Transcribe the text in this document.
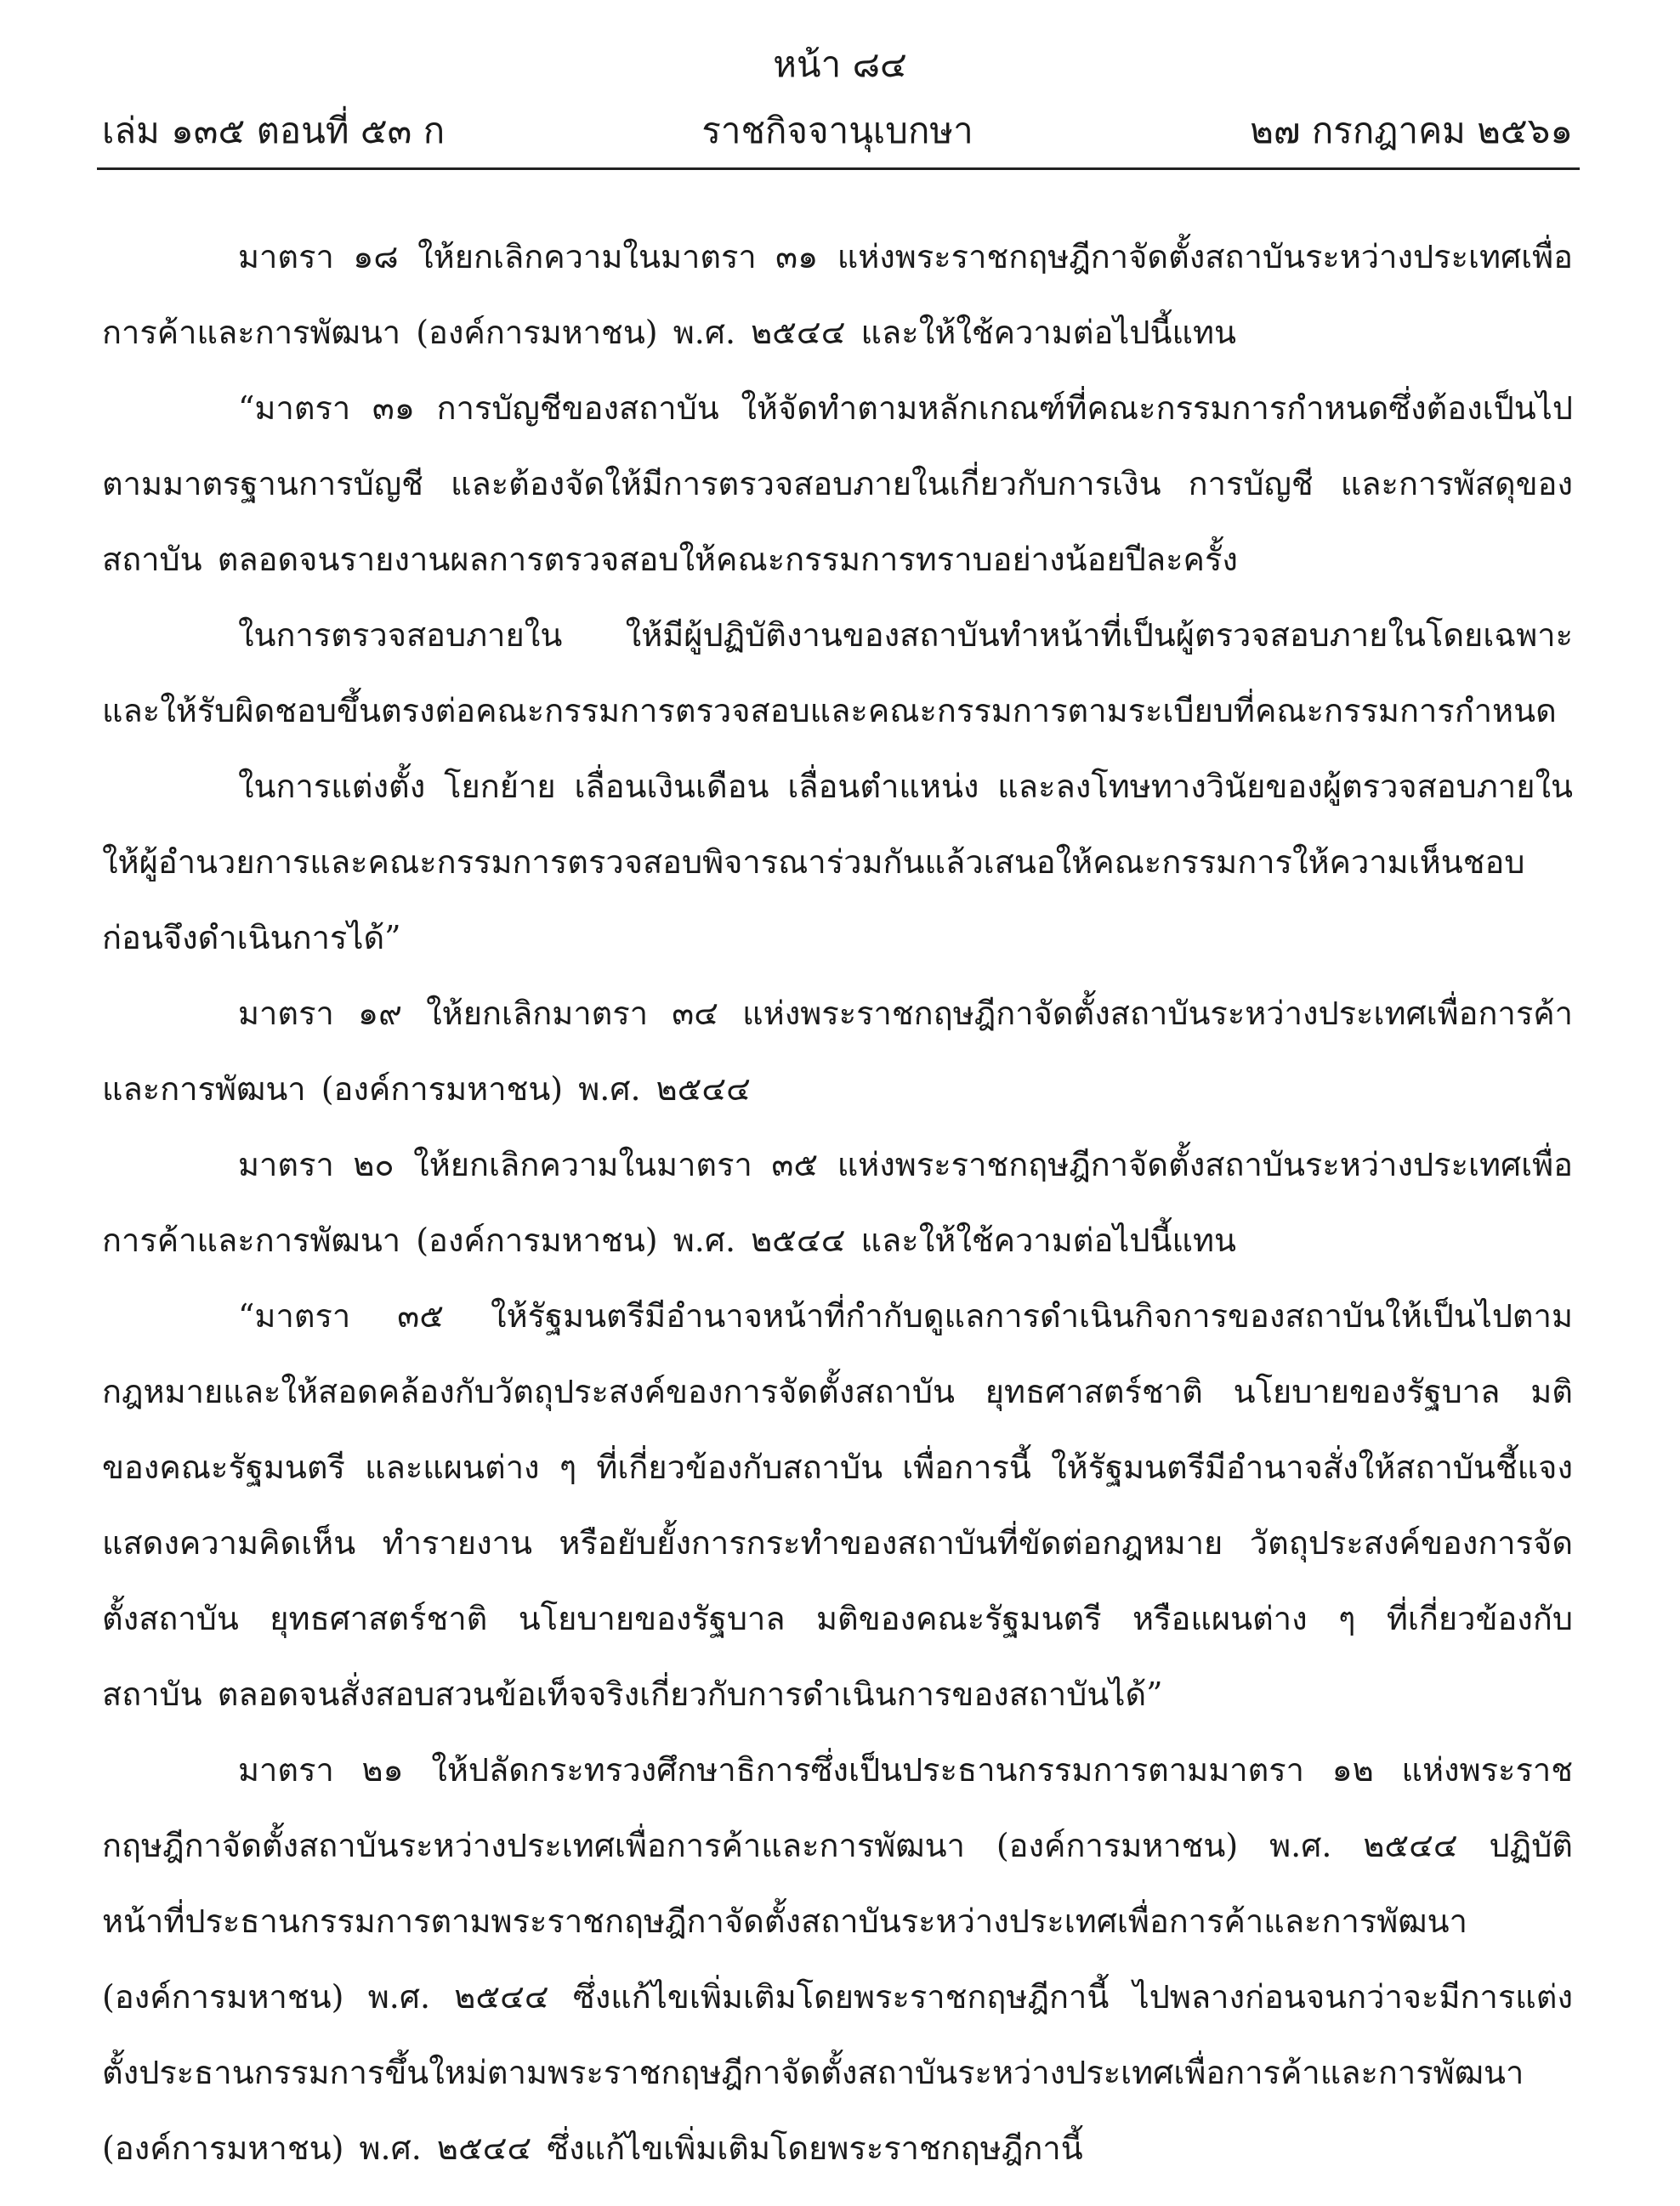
หน้า ๘๔
ราชกิจจานุเบกษา
เล่ม ๑๓๕ ตอนที่ ๕๓ ก	๒๗ กรกฎาคม ๒๕๖๑

มาตรา ๑๘ ให้ยกเลิกความในมาตรา ๓๑ แห่งพระราชกฤษฎีกาจัดตั้งสถาบันระหว่างประเทศเพื่อการค้าและการพัฒนา (องค์การมหาชน) พ.ศ. ๒๕๔๔ และให้ใช้ความต่อไปนี้แทน

“มาตรา ๓๑ การบัญชีของสถาบัน ให้จัดทำตามหลักเกณฑ์ที่คณะกรรมการกำหนดซึ่งต้องเป็นไปตามมาตรฐานการบัญชี และต้องจัดให้มีการตรวจสอบภายในเกี่ยวกับการเงิน การบัญชี และการพัสดุของสถาบัน ตลอดจนรายงานผลการตรวจสอบให้คณะกรรมการทราบอย่างน้อยปีละครั้ง

ในการตรวจสอบภายใน ให้มีผู้ปฏิบัติงานของสถาบันทำหน้าที่เป็นผู้ตรวจสอบภายในโดยเฉพาะและให้รับผิดชอบขึ้นตรงต่อคณะกรรมการตรวจสอบและคณะกรรมการตามระเบียบที่คณะกรรมการกำหนด

ในการแต่งตั้ง โยกย้าย เลื่อนเงินเดือน เลื่อนตำแหน่ง และลงโทษทางวินัยของผู้ตรวจสอบภายในให้ผู้อำนวยการและคณะกรรมการตรวจสอบพิจารณาร่วมกันแล้วเสนอให้คณะกรรมการให้ความเห็นชอบก่อนจึงดำเนินการได้”

มาตรา ๑๙ ให้ยกเลิกมาตรา ๓๔ แห่งพระราชกฤษฎีกาจัดตั้งสถาบันระหว่างประเทศเพื่อการค้าและการพัฒนา (องค์การมหาชน) พ.ศ. ๒๕๔๔

มาตรา ๒๐ ให้ยกเลิกความในมาตรา ๓๕ แห่งพระราชกฤษฎีกาจัดตั้งสถาบันระหว่างประเทศเพื่อการค้าและการพัฒนา (องค์การมหาชน) พ.ศ. ๒๕๔๔ และให้ใช้ความต่อไปนี้แทน

“มาตรา ๓๕ ให้รัฐมนตรีมีอำนาจหน้าที่กำกับดูแลการดำเนินกิจการของสถาบันให้เป็นไปตามกฎหมายและให้สอดคล้องกับวัตถุประสงค์ของการจัดตั้งสถาบัน ยุทธศาสตร์ชาติ นโยบายของรัฐบาล มติของคณะรัฐมนตรี และแผนต่าง ๆ ที่เกี่ยวข้องกับสถาบัน เพื่อการนี้ ให้รัฐมนตรีมีอำนาจสั่งให้สถาบันชี้แจง แสดงความคิดเห็น ทำรายงาน หรือยับยั้งการกระทำของสถาบันที่ขัดต่อกฎหมาย วัตถุประสงค์ของการจัดตั้งสถาบัน ยุทธศาสตร์ชาติ นโยบายของรัฐบาล มติของคณะรัฐมนตรี หรือแผนต่าง ๆ ที่เกี่ยวข้องกับสถาบัน ตลอดจนสั่งสอบสวนข้อเท็จจริงเกี่ยวกับการดำเนินการของสถาบันได้”

มาตรา ๒๑ ให้ปลัดกระทรวงศึกษาธิการซึ่งเป็นประธานกรรมการตามมาตรา ๑๒ แห่งพระราชกฤษฎีกาจัดตั้งสถาบันระหว่างประเทศเพื่อการค้าและการพัฒนา (องค์การมหาชน) พ.ศ. ๒๕๔๔ ปฏิบัติหน้าที่ประธานกรรมการตามพระราชกฤษฎีกาจัดตั้งสถาบันระหว่างประเทศเพื่อการค้าและการพัฒนา (องค์การมหาชน) พ.ศ. ๒๕๔๔ ซึ่งแก้ไขเพิ่มเติมโดยพระราชกฤษฎีกานี้ ไปพลางก่อนจนกว่าจะมีการแต่งตั้งประธานกรรมการขึ้นใหม่ตามพระราชกฤษฎีกาจัดตั้งสถาบันระหว่างประเทศเพื่อการค้าและการพัฒนา (องค์การมหาชน) พ.ศ. ๒๕๔๔ ซึ่งแก้ไขเพิ่มเติมโดยพระราชกฤษฎีกานี้
